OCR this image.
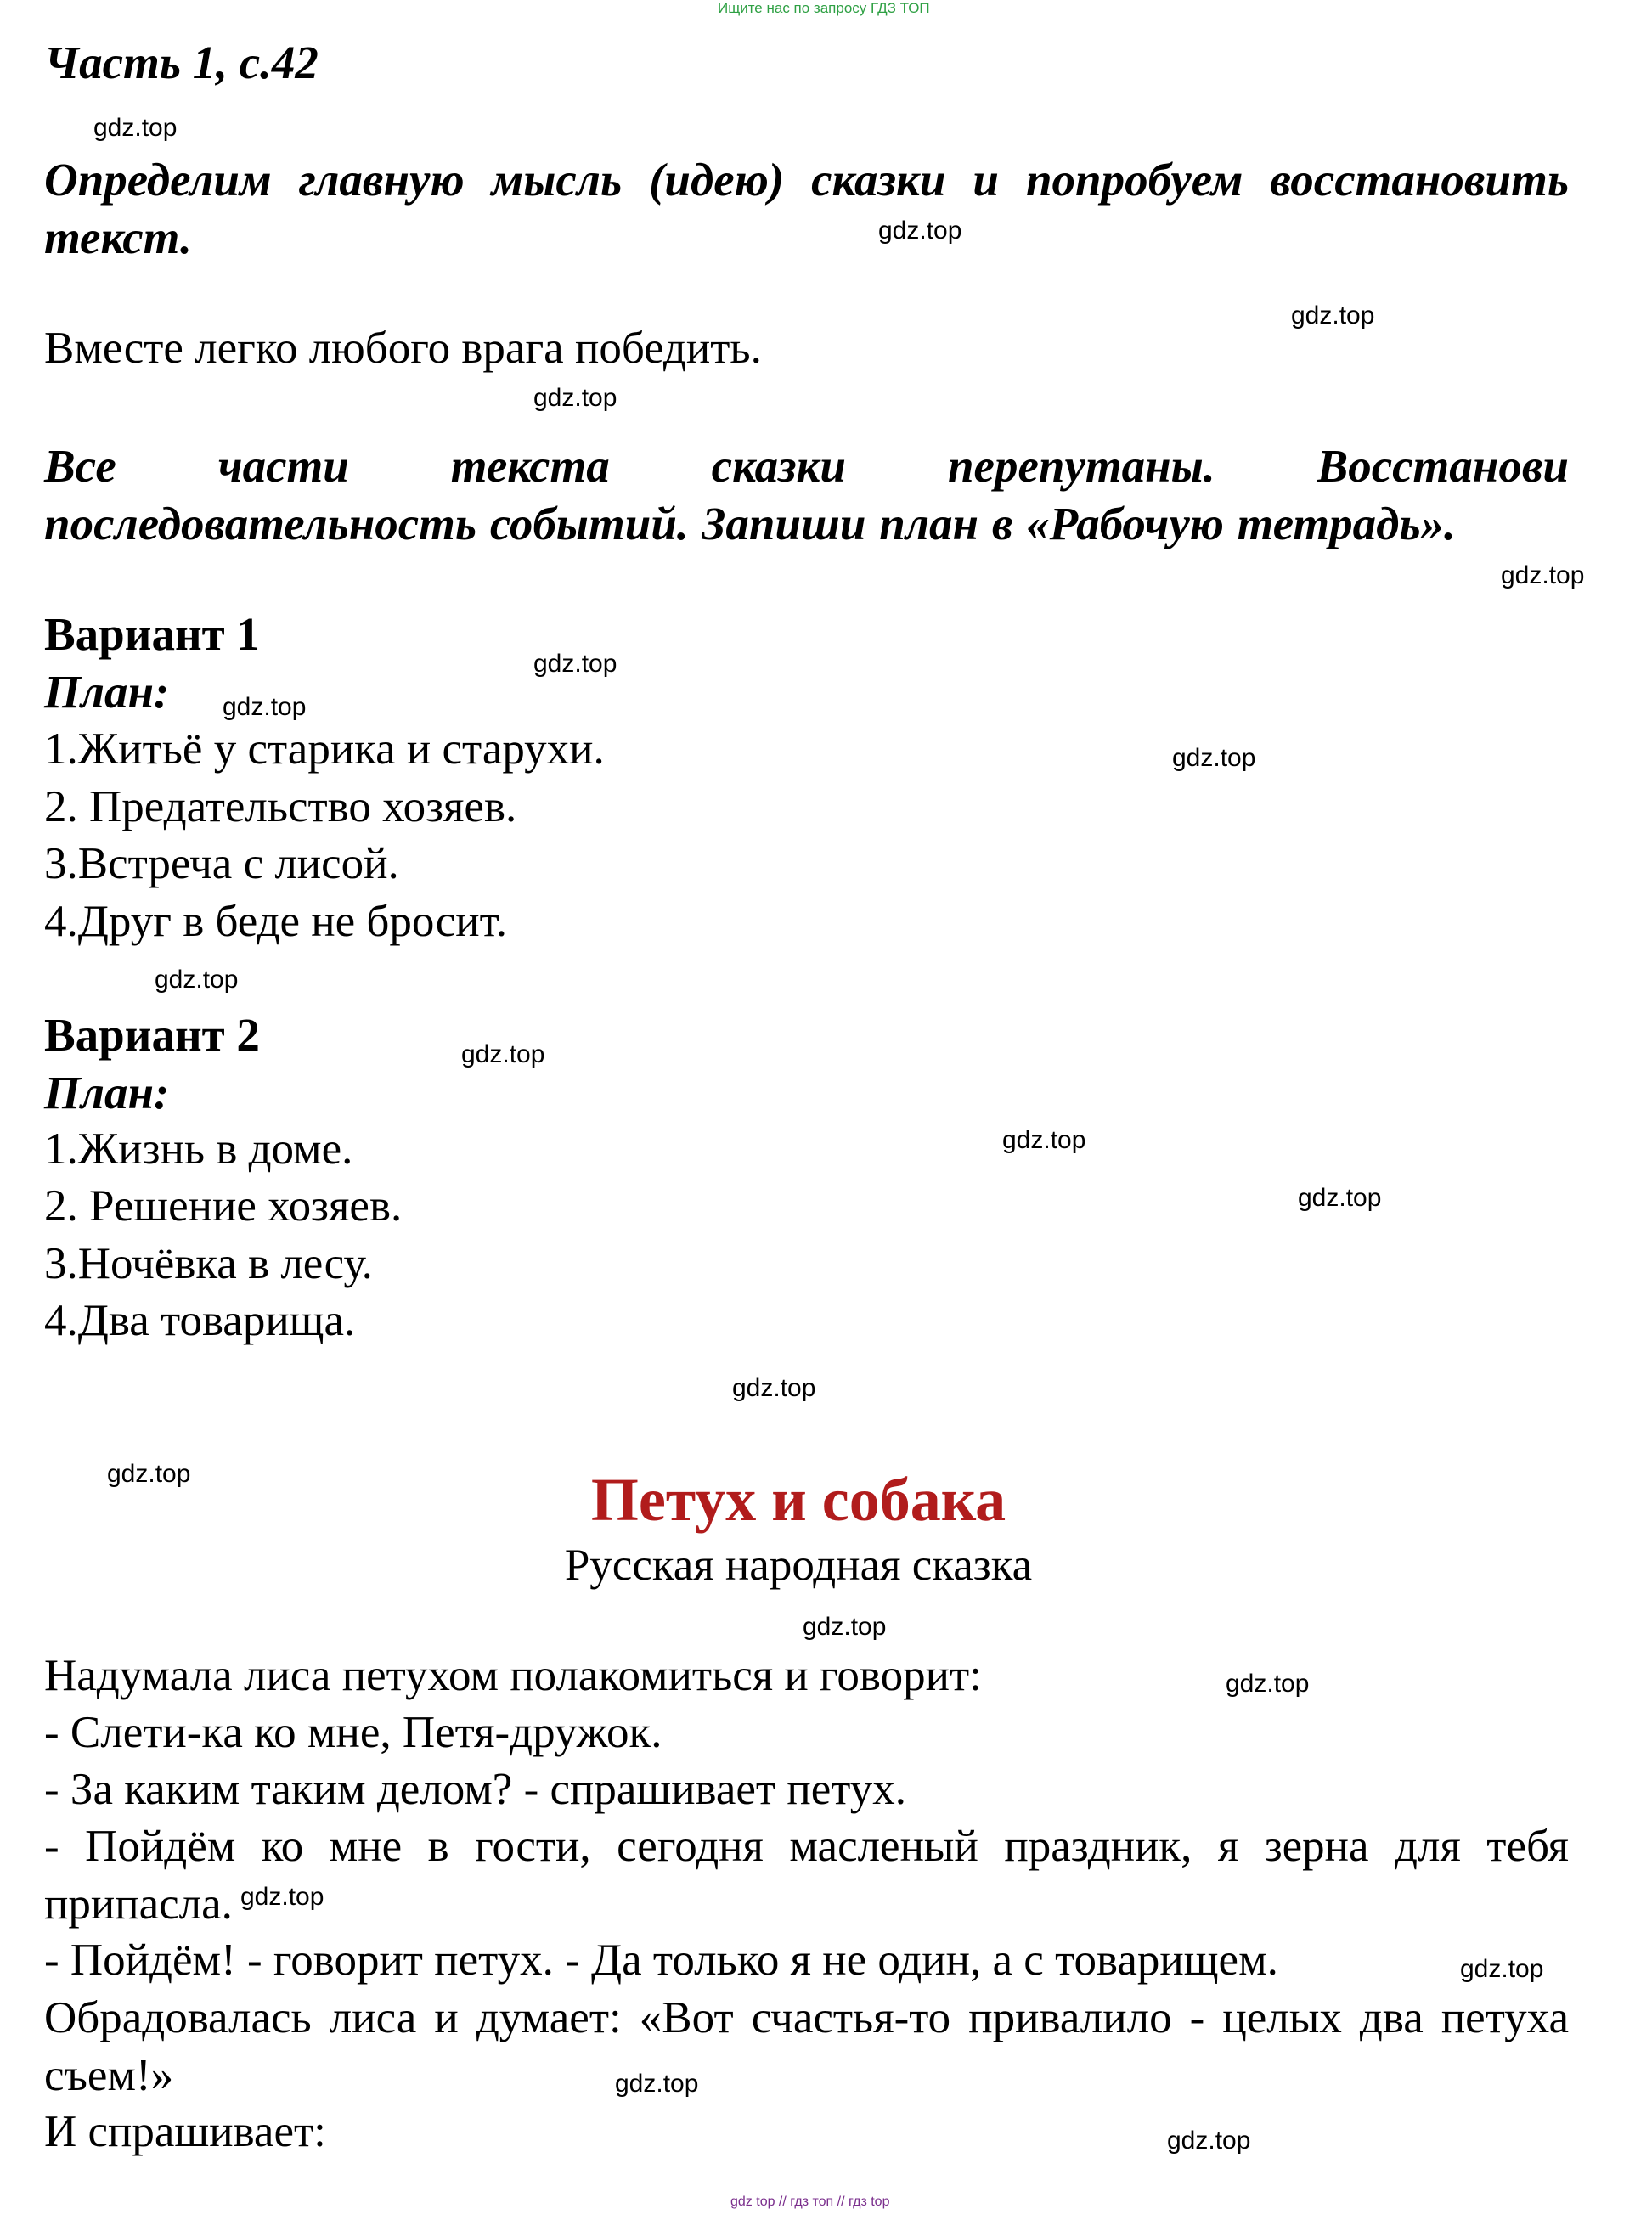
Ищите нас по запросу ГДЗ ТОП
Часть 1, с.42
Определим главную мысль (идею) сказки и попробуем восстановить текст.
Вместе легко любого врага победить.
Все части текста сказки перепутаны. Восстанови последовательность событий. Запиши план в «Рабочую тетрадь».
Вариант 1
План:
1.Житьё у старика и старухи.
2. Предательство хозяев.
3.Встреча с лисой.
4.Друг в беде не бросит.
Вариант 2
План:
1.Жизнь в доме.
2. Решение хозяев.
3.Ночёвка в лесу.
4.Два товарища.
Петух и собака
Русская народная сказка
Надумала лиса петухом полакомиться и говорит:
- Слети-ка ко мне, Петя-дружок.
- За каким таким делом? - спрашивает петух.
- Пойдём ко мне в гости, сегодня масленый праздник, я зерна для тебя припасла.
- Пойдём! - говорит петух. - Да только я не один, а с товарищем.
Обрадовалась лиса и думает: «Вот счастья-то привалило - целых два петуха съем!»
И спрашивает:
gdz.top
gdz.top
gdz.top
gdz.top
gdz.top
gdz.top
gdz.top
gdz.top
gdz.top
gdz.top
gdz.top
gdz.top
gdz.top
gdz.top
gdz.top
gdz.top
gdz.top
gdz.top
gdz.top
gdz.top
gdz top // гдз топ // гдз top
